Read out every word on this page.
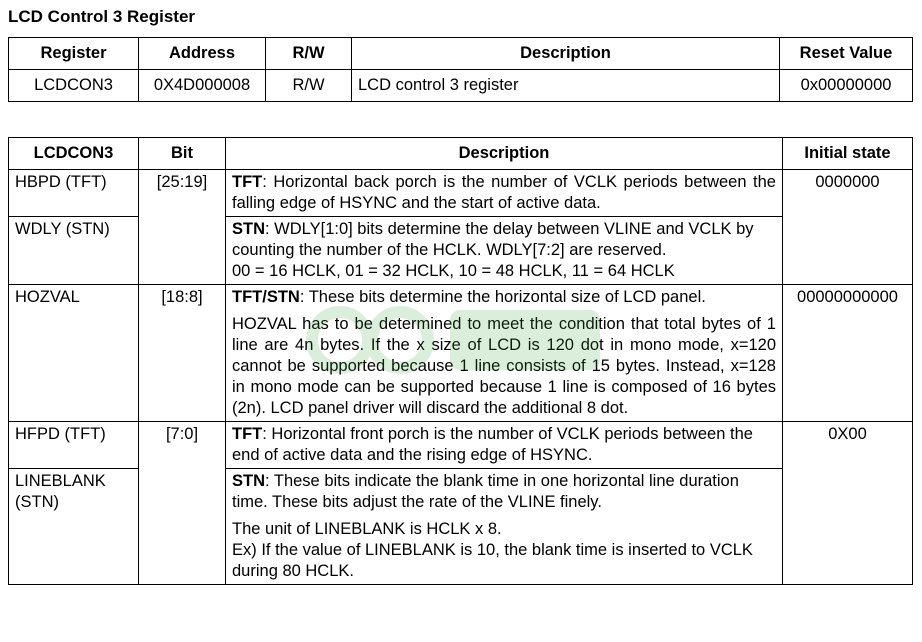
LCD Control 3 Register
Register	Address	R/W	Description	Reset Value
LCDCON3	0X4D000008	R/W	LCD control 3 register	0x00000000
LCDCON3	Bit	Description	Initial state
HBPD (TFT)	[25:19]	TFT: Horizontal back porch is the number of VCLK periods between the falling edge of HSYNC and the start of active data.	0000000
WDLY (STN)		STN: WDLY[1:0] bits determine the delay between VLINE and VCLK by counting the number of the HCLK. WDLY[7:2] are reserved.
00 = 16 HCLK, 01 = 32 HCLK, 10 = 48 HCLK, 11 = 64 HCLK	

HOZVAL	[18:8]	TFT/STN: These bits determine the horizontal size of LCD panel.
HOZVAL has to be determined to meet the condition that total bytes of 1 line are 4n bytes. If the x size of LCD is 120 dot in mono mode, x=120 cannot be supported because 1 line consists of 15 bytes. Instead, x=128 in mono mode can be supported because 1 line is composed of 16 bytes (2n). LCD panel driver will discard the additional 8 dot.	00000000000
HFPD (TFT)	[7:0]	TFT: Horizontal front porch is the number of VCLK periods between the end of active data and the rising edge of HSYNC.	0X00
LINEBLANK (STN)		STN: These bits indicate the blank time in one horizontal line duration time. These bits adjust the rate of the VLINE finely.
The unit of LINEBLANK is HCLK x 8.
Ex) If the value of LINEBLANK is 10, the blank time is inserted to VCLK during 80 HCLK.	
